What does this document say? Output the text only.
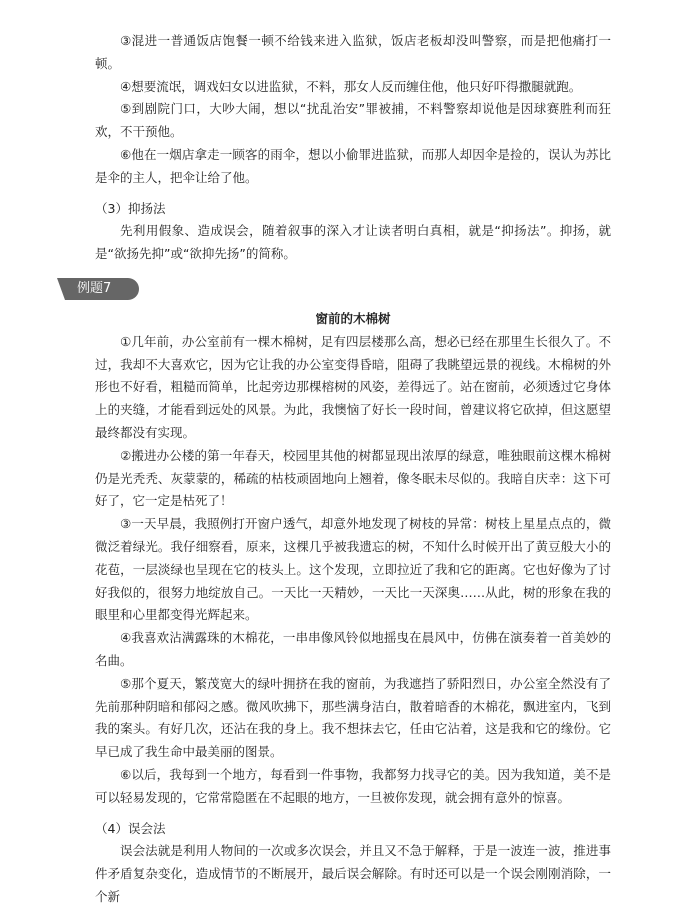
③混进一普通饭店饱餐一顿不给钱来进入监狱，饭店老板却没叫警察，而是把他痛打一顿。

④想要流氓，调戏妇女以进监狱，不料，那女人反而缠住他，他只好吓得撒腿就跑。

⑤到剧院门口，大吵大闹，想以“扰乱治安”罪被捕，不料警察却说他是因球赛胜利而狂欢，不干预他。

⑥他在一烟店拿走一顾客的雨伞，想以小偷罪进监狱，而那人却因伞是捡的，误认为苏比是伞的主人，把伞让给了他。

（3）抑扬法

先利用假象、造成误会，随着叙事的深入才让读者明白真相，就是“抑扬法”。抑扬，就是“欲扬先抑”或“欲抑先扬”的简称。

例题7

窗前的木棉树

①几年前，办公室前有一棵木棉树，足有四层楼那么高，想必已经在那里生长很久了。不过，我却不大喜欢它，因为它让我的办公室变得昏暗，阻碍了我眺望远景的视线。木棉树的外形也不好看，粗糙而简单，比起旁边那棵榕树的风姿，差得远了。站在窗前，必须透过它身体上的夹缝，才能看到远处的风景。为此，我懊恼了好长一段时间，曾建议将它砍掉，但这愿望最终都没有实现。

②搬进办公楼的第一年春天，校园里其他的树都显现出浓厚的绿意，唯独眼前这棵木棉树仍是光秃秃、灰蒙蒙的，稀疏的枯枝顽固地向上翘着，像冬眠未尽似的。我暗自庆幸：这下可好了，它一定是枯死了！

③一天早晨，我照例打开窗户透气，却意外地发现了树枝的异常：树枝上星星点点的，微微泛着绿光。我仔细察看，原来，这棵几乎被我遗忘的树，不知什么时候开出了黄豆般大小的花苞，一层淡绿也呈现在它的枝头上。这个发现，立即拉近了我和它的距离。它也好像为了讨好我似的，很努力地绽放自己。一天比一天精妙，一天比一天深奥……从此，树的形象在我的眼里和心里都变得光辉起来。

④我喜欢沾满露珠的木棉花，一串串像风铃似地摇曳在晨风中，仿佛在演奏着一首美妙的名曲。

⑤那个夏天，繁茂宽大的绿叶拥挤在我的窗前，为我遮挡了骄阳烈日，办公室全然没有了先前那种阴暗和郁闷之感。微风吹拂下，那些满身洁白，散着暗香的木棉花，飘进室内，飞到我的案头。有好几次，还沾在我的身上。我不想抹去它，任由它沾着，这是我和它的缘份。它早已成了我生命中最美丽的图景。

⑥以后，我每到一个地方，每看到一件事物，我都努力找寻它的美。因为我知道，美不是可以轻易发现的，它常常隐匿在不起眼的地方，一旦被你发现，就会拥有意外的惊喜。

（4）误会法

误会法就是利用人物间的一次或多次误会，并且又不急于解释，于是一波连一波，推进事件矛盾复杂变化，造成情节的不断展开，最后误会解除。有时还可以是一个误会刚刚消除，一个新
